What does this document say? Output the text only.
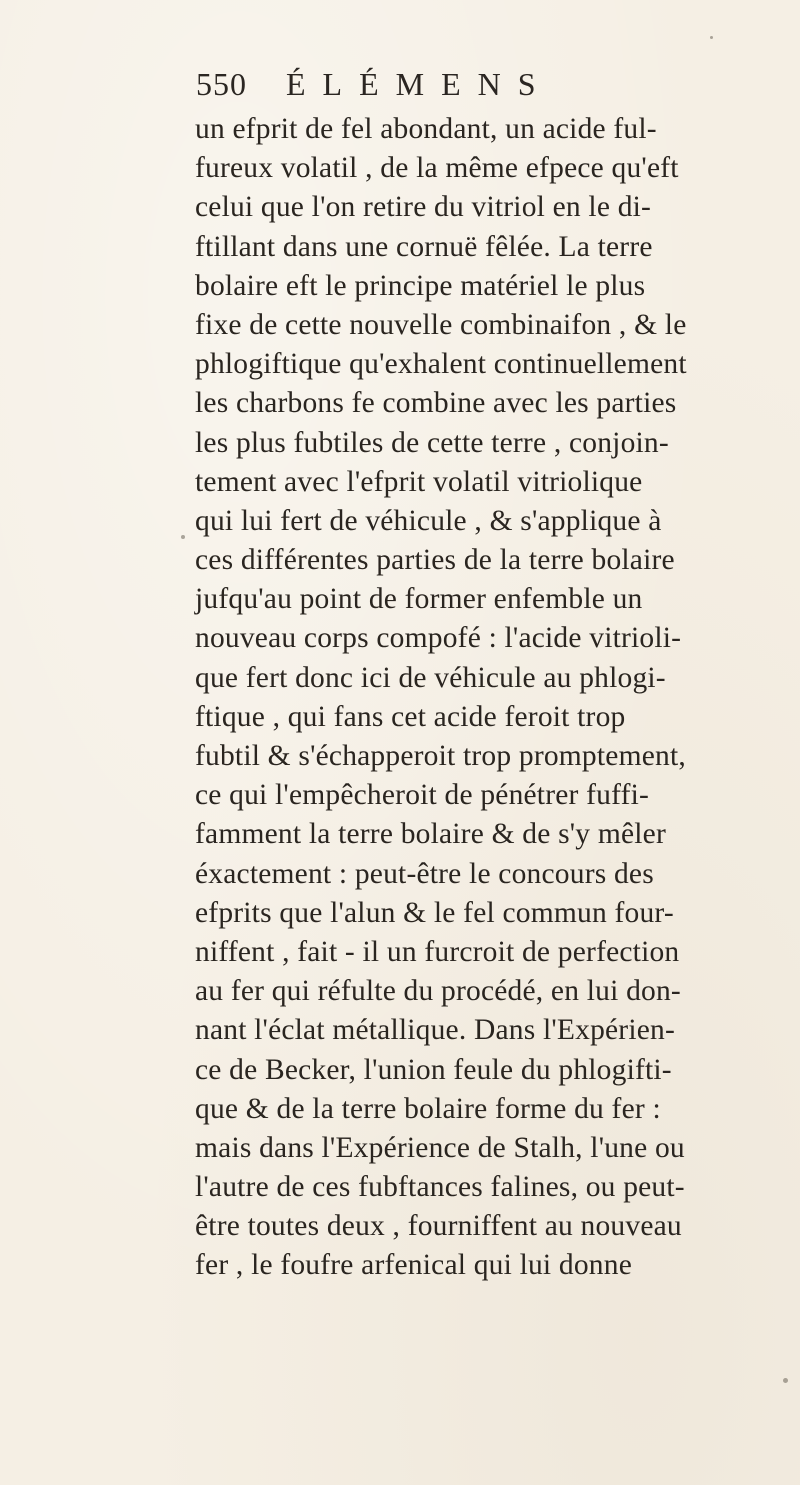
550 ÉLÉMENS
un efprit de fel abondant, un acide ful-
fureux volatil , de la même efpece qu'eft
celui que l'on retire du vitriol en le di-
ftillant dans une cornuë fêlée. La terre
bolaire eft le principe matériel le plus
fixe de cette nouvelle combinaifon , & le
phlogiftique qu'exhalent continuellement
les charbons fe combine avec les parties
les plus fubtiles de cette terre , conjoin-
tement avec l'efprit volatil vitriolique
qui lui fert de véhicule , & s'applique à
ces différentes parties de la terre bolaire
jufqu'au point de former enfemble un
nouveau corps compofé : l'acide vitrioli-
que fert donc ici de véhicule au phlogi-
ftique , qui fans cet acide feroit trop
fubtil & s'échapperoit trop promptement,
ce qui l'empêcheroit de pénétrer fuffi-
famment la terre bolaire & de s'y mêler
éxactement : peut-être le concours des
efprits que l'alun & le fel commun four-
niffent , fait - il un furcroit de perfection
au fer qui réfulte du procédé, en lui don-
nant l'éclat métallique. Dans l'Expérien-
ce de Becker, l'union feule du phlogifti-
que & de la terre bolaire forme du fer :
mais dans l'Expérience de Stalh, l'une ou
l'autre de ces fubftances falines, ou peut-
être toutes deux , fourniffent au nouveau
fer , le foufre arfenical qui lui donne
